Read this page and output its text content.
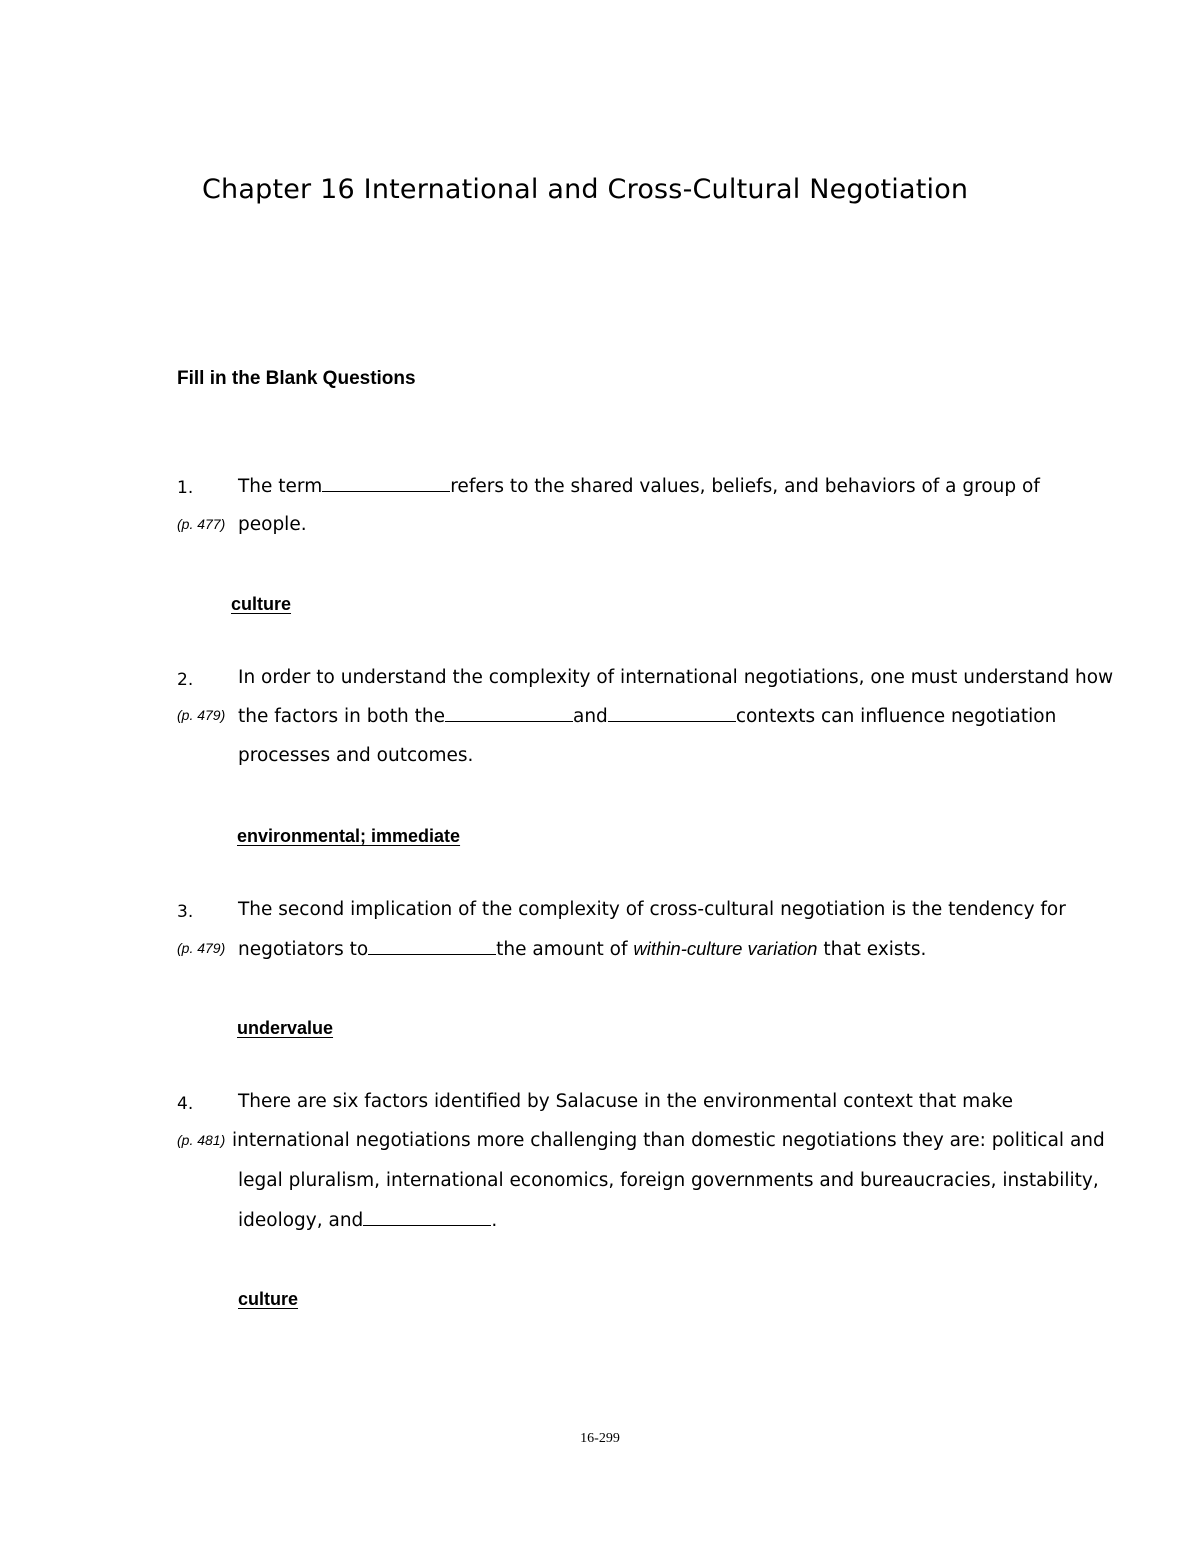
Chapter 16 International and Cross-Cultural Negotiation
Fill in the Blank Questions
1. The term	refers to the shared values, beliefs, and behaviors of a group of
(p. 477) people.
culture
2. In order to understand the complexity of international negotiations, one must understand how
(p. 479) the factors in both the	and	contexts can influence negotiation
processes and outcomes.
environmental; immediate
3. The second implication of the complexity of cross-cultural negotiation is the tendency for
(p. 479) negotiators to	the amount of within-culture variation that exists.
undervalue
4. There are six factors identified by Salacuse in the environmental context that make
(p. 481) international negotiations more challenging than domestic negotiations they are: political and
legal pluralism, international economics, foreign governments and bureaucracies, instability,
ideology, and	.
culture
16-299
